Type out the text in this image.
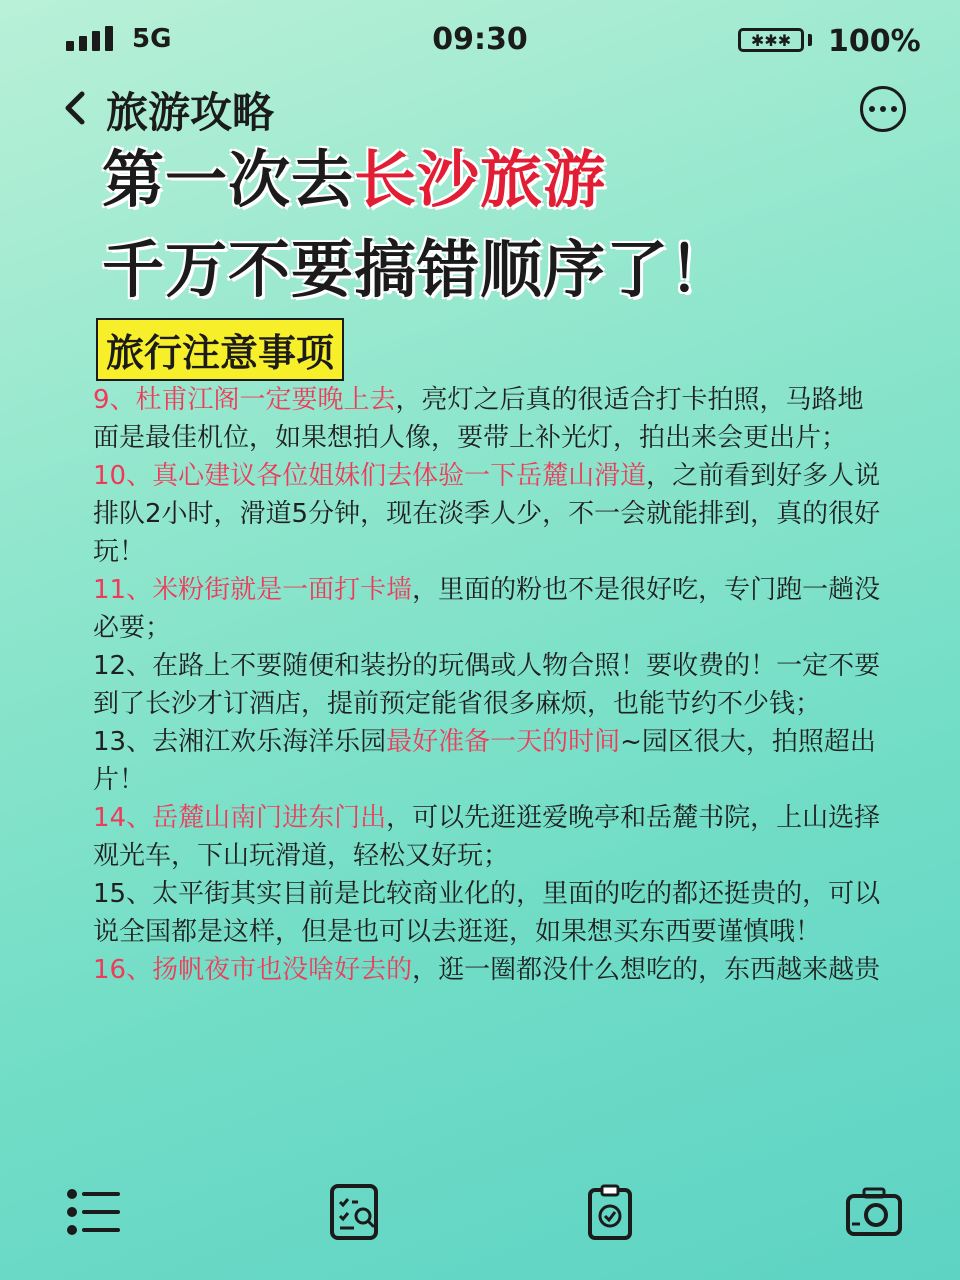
5G	09:30	✱✱✱	100%
旅游攻略
第一次去长沙旅游
千万不要搞错顺序了！
旅行注意事项

9、杜甫江阁一定要晚上去，亮灯之后真的很适合打卡拍照，马路地面是最佳机位，如果想拍人像，要带上补光灯，拍出来会更出片；

10、真心建议各位姐妹们去体验一下岳麓山滑道，之前看到好多人说排队2小时，滑道5分钟，现在淡季人少，不一会就能排到，真的很好玩！

11、米粉街就是一面打卡墙，里面的粉也不是很好吃，专门跑一趟没必要；

12、在路上不要随便和装扮的玩偶或人物合照！要收费的！一定不要到了长沙才订酒店，提前预定能省很多麻烦，也能节约不少钱；

13、去湘江欢乐海洋乐园最好准备一天的时间~园区很大，拍照超出片！

14、岳麓山南门进东门出，可以先逛逛爱晚亭和岳麓书院，上山选择观光车，下山玩滑道，轻松又好玩；

15、太平街其实目前是比较商业化的，里面的吃的都还挺贵的，可以说全国都是这样，但是也可以去逛逛，如果想买东西要谨慎哦！

16、扬帆夜市也没啥好去的，逛一圈都没什么想吃的，东西越来越贵
